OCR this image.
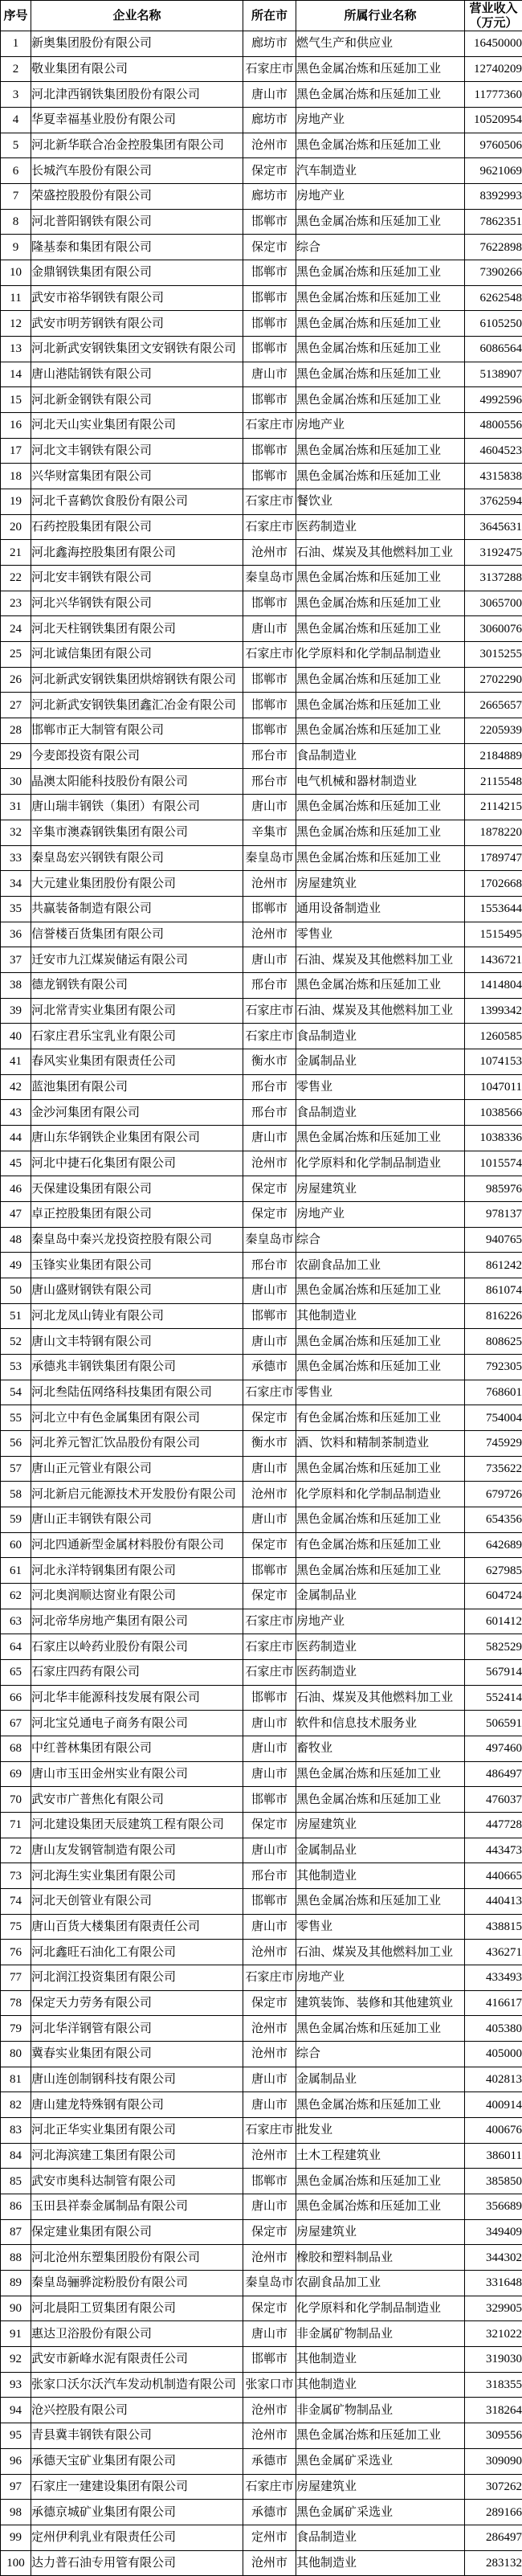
序号	企业名称	所在市	所属行业名称	营业收入（万元）
1	新奥集团股份有限公司	廊坊市	燃气生产和供应业	16450000
2	敬业集团有限公司	石家庄市	黑色金属冶炼和压延加工业	12740209
3	河北津西钢铁集团股份有限公司	唐山市	黑色金属冶炼和压延加工业	11777360
4	华夏幸福基业股份有限公司	廊坊市	房地产业	10520954
5	河北新华联合冶金控股集团有限公司	沧州市	黑色金属冶炼和压延加工业	9760506
6	长城汽车股份有限公司	保定市	汽车制造业	9621069
7	荣盛控股股份有限公司	廊坊市	房地产业	8392993
8	河北普阳钢铁有限公司	邯郸市	黑色金属冶炼和压延加工业	7862351
9	隆基泰和集团有限公司	保定市	综合	7622898
10	金鼎钢铁集团有限公司	邯郸市	黑色金属冶炼和压延加工业	7390266
11	武安市裕华钢铁有限公司	邯郸市	黑色金属冶炼和压延加工业	6262548
12	武安市明芳钢铁有限公司	邯郸市	黑色金属冶炼和压延加工业	6105250
13	河北新武安钢铁集团文安钢铁有限公司	邯郸市	黑色金属冶炼和压延加工业	6086564
14	唐山港陆钢铁有限公司	唐山市	黑色金属冶炼和压延加工业	5138907
15	河北新金钢铁有限公司	邯郸市	黑色金属冶炼和压延加工业	4992596
16	河北天山实业集团有限公司	石家庄市	房地产业	4800556
17	河北文丰钢铁有限公司	邯郸市	黑色金属冶炼和压延加工业	4604523
18	兴华财富集团有限公司	邯郸市	黑色金属冶炼和压延加工业	4315838
19	河北千喜鹤饮食股份有限公司	石家庄市	餐饮业	3762594
20	石药控股集团有限公司	石家庄市	医药制造业	3645631
21	河北鑫海控股集团有限公司	沧州市	石油、煤炭及其他燃料加工业	3192475
22	河北安丰钢铁有限公司	秦皇岛市	黑色金属冶炼和压延加工业	3137288
23	河北兴华钢铁有限公司	邯郸市	黑色金属冶炼和压延加工业	3065700
24	河北天柱钢铁集团有限公司	唐山市	黑色金属冶炼和压延加工业	3060076
25	河北诚信集团有限公司	石家庄市	化学原料和化学制品制造业	3015255
26	河北新武安钢铁集团烘熔钢铁有限公司	邯郸市	黑色金属冶炼和压延加工业	2702290
27	河北新武安钢铁集团鑫汇冶金有限公司	邯郸市	黑色金属冶炼和压延加工业	2665657
28	邯郸市正大制管有限公司	邯郸市	黑色金属冶炼和压延加工业	2205939
29	今麦郎投资有限公司	邢台市	食品制造业	2184889
30	晶澳太阳能科技股份有限公司	邢台市	电气机械和器材制造业	2115548
31	唐山瑞丰钢铁（集团）有限公司	唐山市	黑色金属冶炼和压延加工业	2114215
32	辛集市澳森钢铁集团有限公司	辛集市	黑色金属冶炼和压延加工业	1878220
33	秦皇岛宏兴钢铁有限公司	秦皇岛市	黑色金属冶炼和压延加工业	1789747
34	大元建业集团股份有限公司	沧州市	房屋建筑业	1702668
35	共赢装备制造有限公司	邯郸市	通用设备制造业	1553644
36	信誉楼百货集团有限公司	沧州市	零售业	1515495
37	迁安市九江煤炭储运有限公司	唐山市	石油、煤炭及其他燃料加工业	1436721
38	德龙钢铁有限公司	邢台市	黑色金属冶炼和压延加工业	1414804
39	河北常青实业集团有限公司	石家庄市	石油、煤炭及其他燃料加工业	1399342
40	石家庄君乐宝乳业有限公司	石家庄市	食品制造业	1260585
41	春风实业集团有限责任公司	衡水市	金属制品业	1074153
42	蓝池集团有限公司	邢台市	零售业	1047011
43	金沙河集团有限公司	邢台市	食品制造业	1038566
44	唐山东华钢铁企业集团有限公司	唐山市	黑色金属冶炼和压延加工业	1038336
45	河北中捷石化集团有限公司	沧州市	化学原料和化学制品制造业	1015574
46	天保建设集团有限公司	保定市	房屋建筑业	985976
47	卓正控股集团有限公司	保定市	房地产业	978137
48	秦皇岛中秦兴龙投资控股有限公司	秦皇岛市	综合	940765
49	玉锋实业集团有限公司	邢台市	农副食品加工业	861242
50	唐山盛财钢铁有限公司	唐山市	黑色金属冶炼和压延加工业	861074
51	河北龙凤山铸业有限公司	邯郸市	其他制造业	816226
52	唐山文丰特钢有限公司	唐山市	黑色金属冶炼和压延加工业	808625
53	承德兆丰钢铁集团有限公司	承德市	黑色金属冶炼和压延加工业	792305
54	河北叁陆伍网络科技集团有限公司	石家庄市	零售业	768601
55	河北立中有色金属集团有限公司	保定市	有色金属冶炼和压延加工业	754004
56	河北养元智汇饮品股份有限公司	衡水市	酒、饮料和精制茶制造业	745929
57	唐山正元管业有限公司	唐山市	黑色金属冶炼和压延加工业	735622
58	河北新启元能源技术开发股份有限公司	沧州市	化学原料和化学制品制造业	679726
59	唐山正丰钢铁有限公司	唐山市	黑色金属冶炼和压延加工业	654356
60	河北四通新型金属材料股份有限公司	保定市	有色金属冶炼和压延加工业	642689
61	河北永洋特钢集团有限公司	邯郸市	黑色金属冶炼和压延加工业	627985
62	河北奥润顺达窗业有限公司	保定市	金属制品业	604724
63	河北帝华房地产集团有限公司	石家庄市	房地产业	601412
64	石家庄以岭药业股份有限公司	石家庄市	医药制造业	582529
65	石家庄四药有限公司	石家庄市	医药制造业	567914
66	河北华丰能源科技发展有限公司	邯郸市	石油、煤炭及其他燃料加工业	552414
67	河北宝兑通电子商务有限公司	唐山市	软件和信息技术服务业	506591
68	中红普林集团有限公司	唐山市	畜牧业	497460
69	唐山市玉田金州实业有限公司	唐山市	黑色金属冶炼和压延加工业	486497
70	武安市广普焦化有限公司	邯郸市	黑色金属冶炼和压延加工业	476037
71	河北建设集团天辰建筑工程有限公司	保定市	房屋建筑业	447728
72	唐山友发钢管制造有限公司	唐山市	金属制品业	443473
73	河北海生实业集团有限公司	邢台市	其他制造业	440665
74	河北天创管业有限公司	邯郸市	黑色金属冶炼和压延加工业	440413
75	唐山百货大楼集团有限责任公司	唐山市	零售业	438815
76	河北鑫旺石油化工有限公司	沧州市	石油、煤炭及其他燃料加工业	436271
77	河北润江投资集团有限公司	石家庄市	房地产业	433493
78	保定天力劳务有限公司	保定市	建筑装饰、装修和其他建筑业	416617
79	河北华洋钢管有限公司	沧州市	黑色金属冶炼和压延加工业	405380
80	冀春实业集团有限公司	沧州市	综合	405000
81	唐山连创制钢科技有限公司	唐山市	金属制品业	402813
82	唐山建龙特殊钢有限公司	唐山市	黑色金属冶炼和压延加工业	400914
83	河北正华实业集团有限公司	石家庄市	批发业	400676
84	河北海滨建工集团有限公司	沧州市	土木工程建筑业	386011
85	武安市奥科达制管有限公司	邯郸市	黑色金属冶炼和压延加工业	385850
86	玉田县祥泰金属制品有限公司	唐山市	黑色金属冶炼和压延加工业	356689
87	保定建业集团有限公司	保定市	房屋建筑业	349409
88	河北沧州东塑集团股份有限公司	沧州市	橡胶和塑料制品业	344302
89	秦皇岛骊骅淀粉股份有限公司	秦皇岛市	农副食品加工业	331648
90	河北晨阳工贸集团有限公司	保定市	化学原料和化学制品制造业	329905
91	惠达卫浴股份有限公司	唐山市	非金属矿物制品业	321022
92	武安市新峰水泥有限责任公司	邯郸市	其他制造业	319030
93	张家口沃尔沃汽车发动机制造有限公司	张家口市	其他制造业	318355
94	沧兴控股有限公司	沧州市	非金属矿物制品业	318264
95	青县冀丰钢铁有限公司	沧州市	黑色金属冶炼和压延加工业	309556
96	承德天宝矿业集团有限公司	承德市	黑色金属矿采选业	309090
97	石家庄一建建设集团有限公司	石家庄市	房屋建筑业	307262
98	承德京城矿业集团有限公司	承德市	黑色金属矿采选业	289166
99	定州伊利乳业有限责任公司	定州市	食品制造业	286497
100	达力普石油专用管有限公司	沧州市	其他制造业	283132
